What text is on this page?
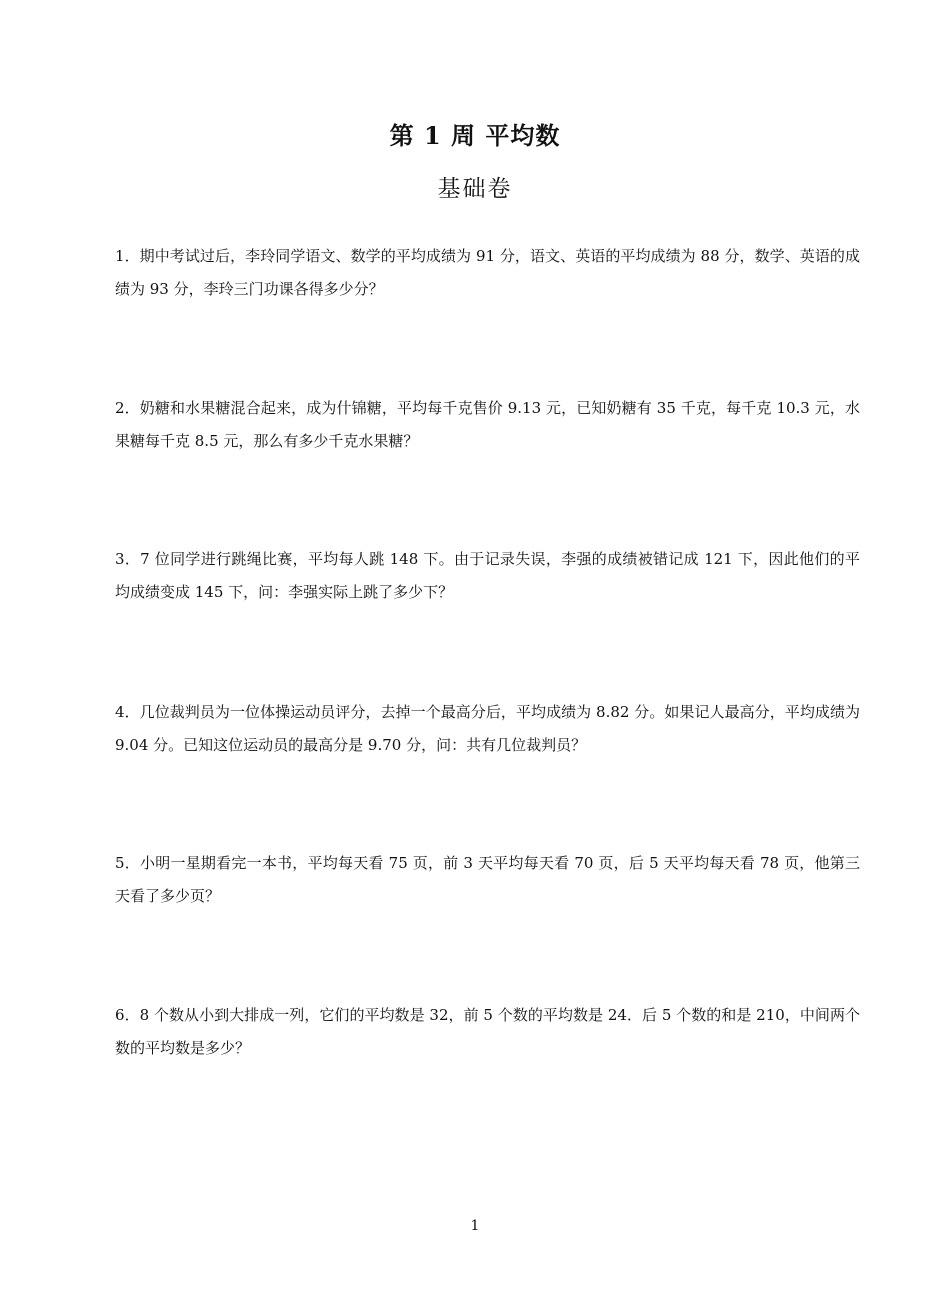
第 1 周 平均数
基础卷
1．期中考试过后，李玲同学语文、数学的平均成绩为 91 分，语文、英语的平均成绩为 88 分，数学、英语的成绩为 93 分，李玲三门功课各得多少分？
2．奶糖和水果糖混合起来，成为什锦糖，平均每千克售价 9.13 元，已知奶糖有 35 千克，每千克 10.3 元，水果糖每千克 8.5 元，那么有多少千克水果糖？
3．7 位同学进行跳绳比赛，平均每人跳 148 下。由于记录失误，李强的成绩被错记成 121 下，因此他们的平均成绩变成 145 下，问：李强实际上跳了多少下？
4．几位裁判员为一位体操运动员评分，去掉一个最高分后，平均成绩为 8.82 分。如果记人最高分，平均成绩为 9.04 分。已知这位运动员的最高分是 9.70 分，问：共有几位裁判员？
5．小明一星期看完一本书，平均每天看 75 页，前 3 天平均每天看 70 页，后 5 天平均每天看 78 页，他第三天看了多少页？
6．8 个数从小到大排成一列，它们的平均数是 32，前 5 个数的平均数是 24．后 5 个数的和是 210，中间两个数的平均数是多少？
1
